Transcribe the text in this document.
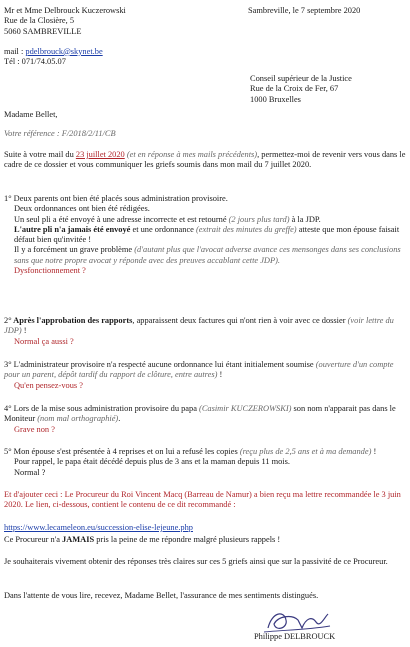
Mr et Mme Delbrouck Kuczerowski
Rue de la Closière, 5
5060 SAMBREVILLE
mail : pdelbrouck@skynet.be
Tél : 071/74.05.07
Sambreville, le 7 septembre 2020
Conseil supérieur de la Justice
Rue de la Croix de Fer, 67
1000 Bruxelles
Madame Bellet,
Votre référence : F/2018/2/11/CB
Suite à votre mail du 23 juillet 2020 (et en réponse à mes mails précédents), permettez-moi de revenir vers vous dans le cadre de ce dossier et vous communiquer les griefs soumis dans mon mail du 7 juillet 2020.
1° Deux parents ont bien été placés sous administration provisoire.
Deux ordonnances ont bien été rédigées.
Un seul pli a été envoyé à une adresse incorrecte et est retourné (2 jours plus tard) à la JDP.
L'autre pli n'a jamais été envoyé et une ordonnance (extrait des minutes du greffe) atteste que mon épouse faisait défaut bien qu'invitée !
Il y a forcément un grave problème (d'autant plus que l'avocat adverse avance ces mensonges dans ses conclusions sans que notre propre avocat y réponde avec des preuves accablant cette JDP).
Dysfonctionnement ?
2° Après l'approbation des rapports, apparaissent deux factures qui n'ont rien à voir avec ce dossier (voir lettre du JDP) !
Normal ça aussi ?
3° L'administrateur provisoire n'a respecté aucune ordonnance lui étant initialement soumise (ouverture d'un compte pour un parent, dépôt tardif du rapport de clôture, entre autres) !
Qu'en pensez-vous ?
4° Lors de la mise sous administration provisoire du papa (Casimir KUCZEROWSKI) son nom n'apparait pas dans le Moniteur (nom mal orthographié).
Grave non ?
5° Mon épouse s'est présentée à 4 reprises et on lui a refusé les copies (reçu plus de 2,5 ans et à ma demande) !
Pour rappel, le papa était décédé depuis plus de 3 ans et la maman depuis 11 mois.
Normal ?
Et d'ajouter ceci : Le Procureur du Roi Vincent Macq (Barreau de Namur) a bien reçu ma lettre recommandée le 3 juin 2020. Le lien, ci-dessous, contient le contenu de ce dit recommandé :
https://www.lecameleon.eu/succession-elise-lejeune.php
Ce Procureur n'a JAMAIS pris la peine de me répondre malgré plusieurs rappels !
Je souhaiterais vivement obtenir des réponses très claires sur ces 5 griefs ainsi que sur la passivité de ce Procureur.
Dans l'attente de vous lire, recevez, Madame Bellet, l'assurance de mes sentiments distingués.
Philippe DELBROUCK
